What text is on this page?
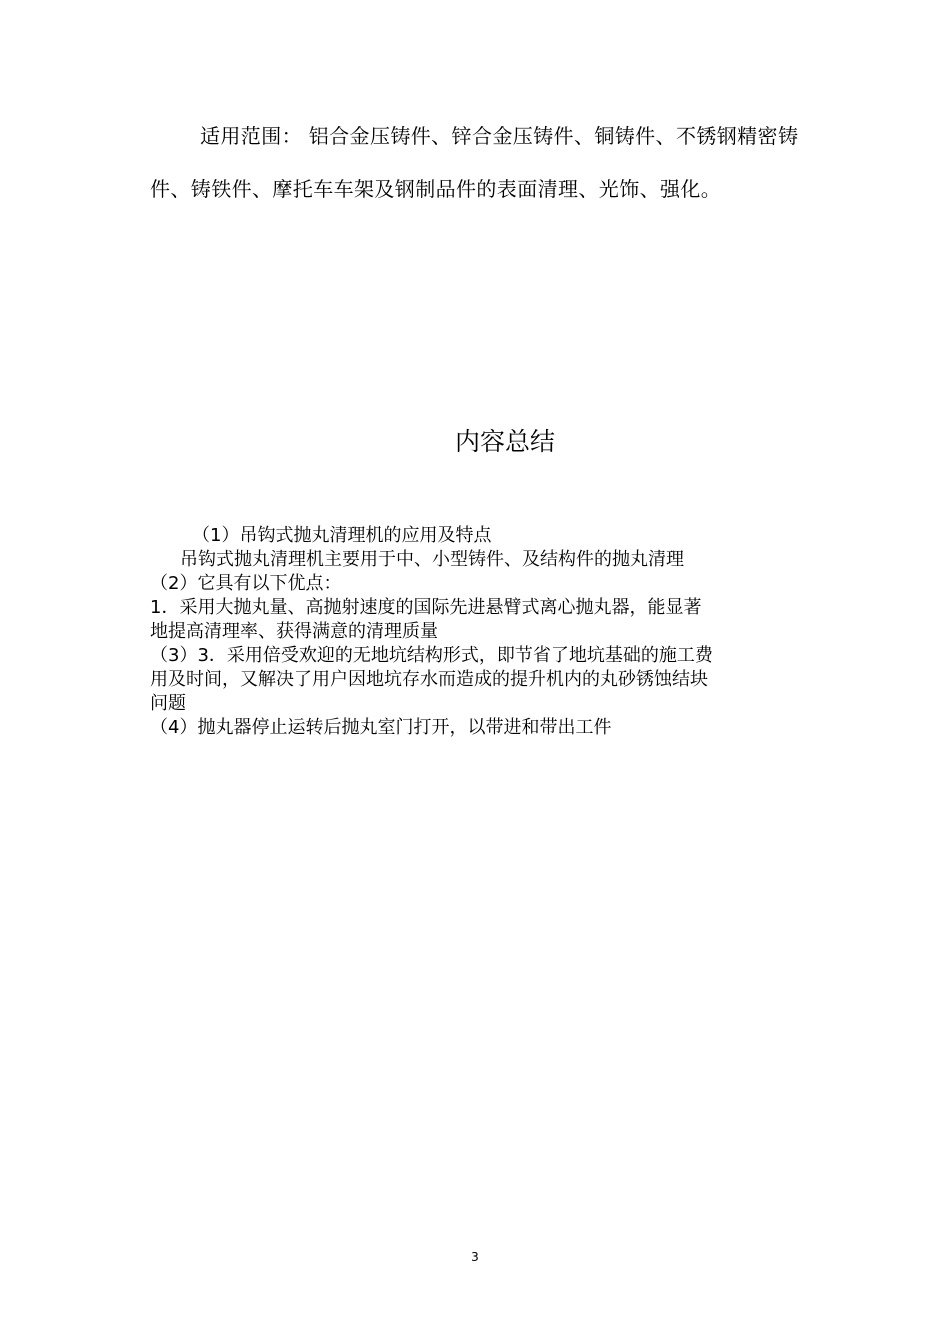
适用范围： 铝合金压铸件、锌合金压铸件、铜铸件、不锈钢精密铸件、铸铁件、摩托车车架及钢制品件的表面清理、光饰、强化。

内容总结

（1）吊钩式抛丸清理机的应用及特点

吊钩式抛丸清理机主要用于中、小型铸件、及结构件的抛丸清理

（2）它具有以下优点：

1．采用大抛丸量、高抛射速度的国际先进悬臂式离心抛丸器，能显著

地提高清理率、获得满意的清理质量

（3）3．采用倍受欢迎的无地坑结构形式，即节省了地坑基础的施工费

用及时间，又解决了用户因地坑存水而造成的提升机内的丸砂锈蚀结块

问题

（4）抛丸器停止运转后抛丸室门打开，以带进和带出工件

3
